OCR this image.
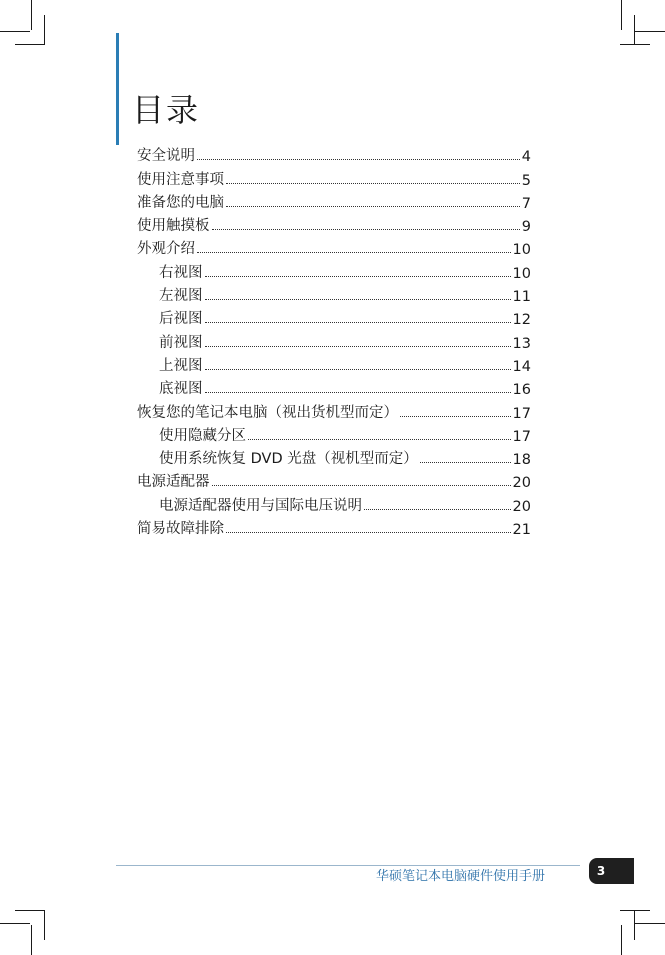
目录
安全说明	4
使用注意事项	5
准备您的电脑	7
使用触摸板	9
外观介绍	10
右视图	10
左视图	11
后视图	12
前视图	13
上视图	14
底视图	16
恢复您的笔记本电脑（视出货机型而定）	17
使用隐藏分区	17
使用系统恢复 DVD 光盘（视机型而定）	18
电源适配器	20
电源适配器使用与国际电压说明	20
简易故障排除	21
华硕笔记本电脑硬件使用手册	3
